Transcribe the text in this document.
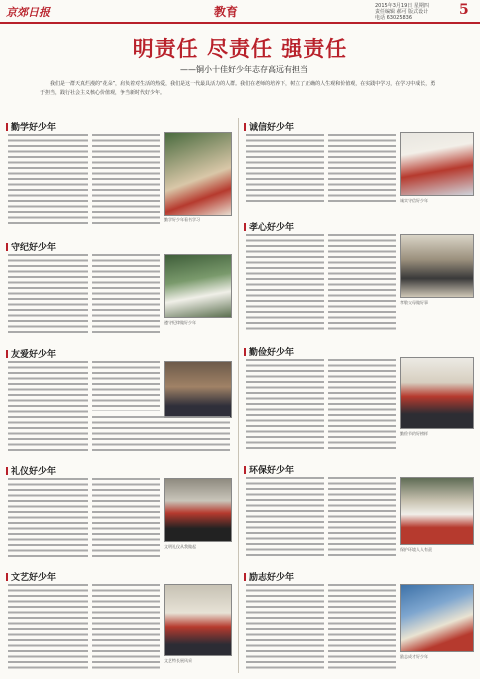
京郊日报	教育	2015年3月19日 星期四
责任编辑 郝可 版式设计
电话 63025836	5
明责任 尽责任 强责任
——铜小十佳好少年志存高远有担当
我们是一群天真烂漫的“花朵”，肩负着对生活的热爱，我们是这一代最具活力的人群。我们在老师的培养下，树立了正确的人生观和价值观，在实践中学习，在学习中成长，勇于担当，践行社会主义核心价值观，争当新时代好少年。
勤学好少年
勤学好少年看书学习
守纪好少年
遵守纪律做好少年
友爱好少年
礼仪好少年
文明礼仪从我做起
文艺好少年
文艺特长展风采
诚信好少年
诚实守信好少年
孝心好少年
孝敬父母做好事
勤俭好少年
勤俭节约好榜样
环保好少年
保护环境人人有责
励志好少年
励志成才好少年
